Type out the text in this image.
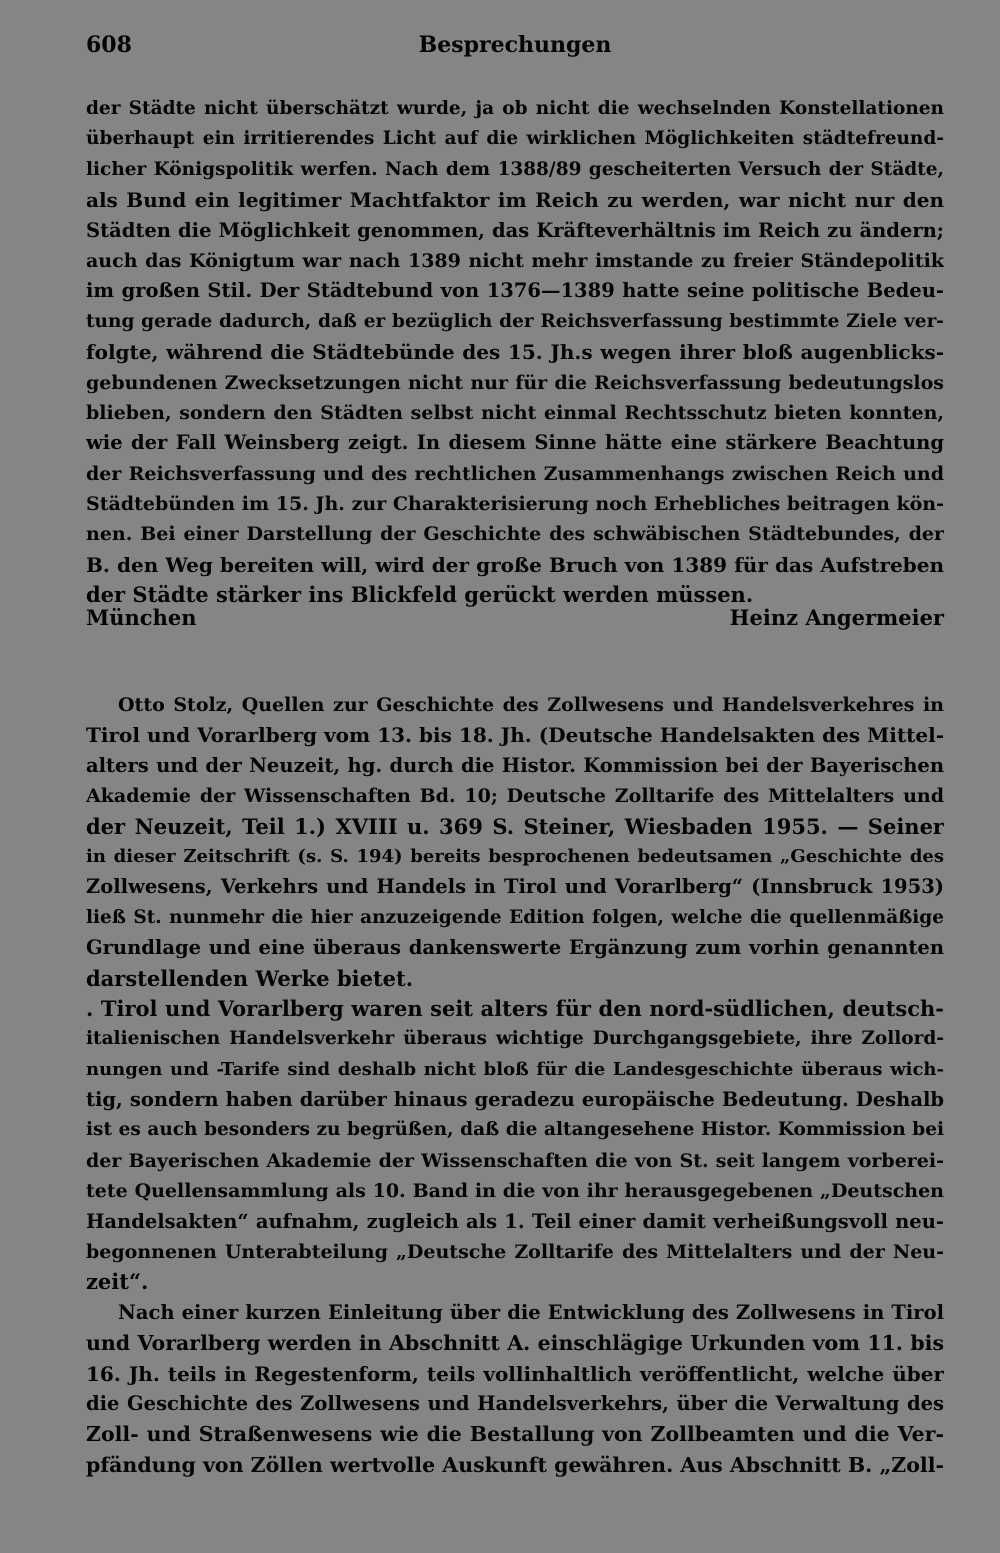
608	Besprechungen
der Städte nicht überschätzt wurde, ja ob nicht die wechselnden Konstellationen
überhaupt ein irritierendes Licht auf die wirklichen Möglichkeiten städtefreund-
licher Königspolitik werfen. Nach dem 1388/89 gescheiterten Versuch der Städte,
als Bund ein legitimer Machtfaktor im Reich zu werden, war nicht nur den
Städten die Möglichkeit genommen, das Kräfteverhältnis im Reich zu ändern;
auch das Königtum war nach 1389 nicht mehr imstande zu freier Ständepolitik
im großen Stil. Der Städtebund von 1376—1389 hatte seine politische Bedeu-
tung gerade dadurch, daß er bezüglich der Reichsverfassung bestimmte Ziele ver-
folgte, während die Städtebünde des 15. Jh.s wegen ihrer bloß augenblicks-
gebundenen Zwecksetzungen nicht nur für die Reichsverfassung bedeutungslos
blieben, sondern den Städten selbst nicht einmal Rechtsschutz bieten konnten,
wie der Fall Weinsberg zeigt. In diesem Sinne hätte eine stärkere Beachtung
der Reichsverfassung und des rechtlichen Zusammenhangs zwischen Reich und
Städtebünden im 15. Jh. zur Charakterisierung noch Erhebliches beitragen kön-
nen. Bei einer Darstellung der Geschichte des schwäbischen Städtebundes, der
B. den Weg bereiten will, wird der große Bruch von 1389 für das Aufstreben
der Städte stärker ins Blickfeld gerückt werden müssen.
München	Heinz Angermeier
Otto Stolz, Quellen zur Geschichte des Zollwesens und Handelsverkehres in
Tirol und Vorarlberg vom 13. bis 18. Jh. (Deutsche Handelsakten des Mittel-
alters und der Neuzeit, hg. durch die Histor. Kommission bei der Bayerischen
Akademie der Wissenschaften Bd. 10; Deutsche Zolltarife des Mittelalters und
der Neuzeit, Teil 1.) XVIII u. 369 S. Steiner, Wiesbaden 1955. — Seiner
in dieser Zeitschrift (s. S. 194) bereits besprochenen bedeutsamen „Geschichte des
Zollwesens, Verkehrs und Handels in Tirol und Vorarlberg“ (Innsbruck 1953)
ließ St. nunmehr die hier anzuzeigende Edition folgen, welche die quellenmäßige
Grundlage und eine überaus dankenswerte Ergänzung zum vorhin genannten
darstellenden Werke bietet.
. Tirol und Vorarlberg waren seit alters für den nord-südlichen, deutsch-
italienischen Handelsverkehr überaus wichtige Durchgangsgebiete, ihre Zollord-
nungen und -Tarife sind deshalb nicht bloß für die Landesgeschichte überaus wich-
tig, sondern haben darüber hinaus geradezu europäische Bedeutung. Deshalb
ist es auch besonders zu begrüßen, daß die altangesehene Histor. Kommission bei
der Bayerischen Akademie der Wissenschaften die von St. seit langem vorberei-
tete Quellensammlung als 10. Band in die von ihr herausgegebenen „Deutschen
Handelsakten“ aufnahm, zugleich als 1. Teil einer damit verheißungsvoll neu-
begonnenen Unterabteilung „Deutsche Zolltarife des Mittelalters und der Neu-
zeit“.
Nach einer kurzen Einleitung über die Entwicklung des Zollwesens in Tirol
und Vorarlberg werden in Abschnitt A. einschlägige Urkunden vom 11. bis
16. Jh. teils in Regestenform, teils vollinhaltlich veröffentlicht, welche über
die Geschichte des Zollwesens und Handelsverkehrs, über die Verwaltung des
Zoll- und Straßenwesens wie die Bestallung von Zollbeamten und die Ver-
pfändung von Zöllen wertvolle Auskunft gewähren. Aus Abschnitt B. „Zoll-
